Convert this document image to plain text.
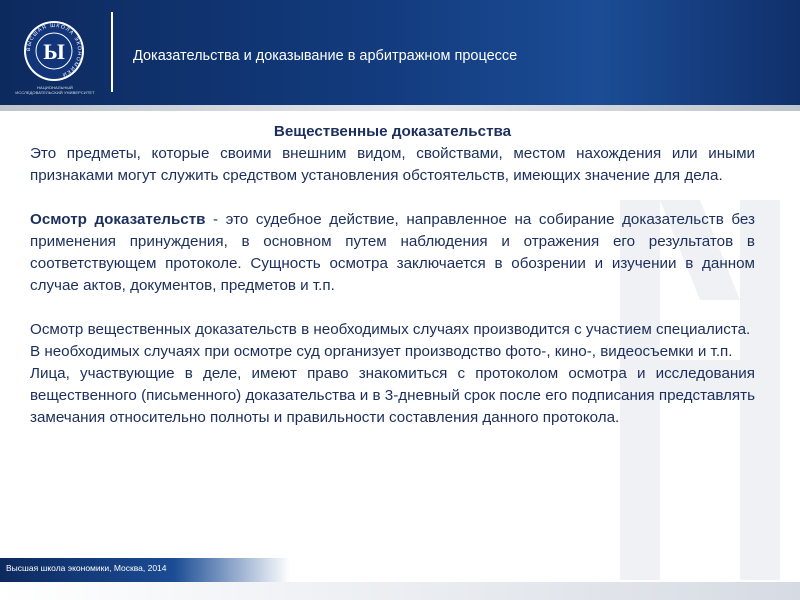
ВЫСШАЯ ШКОЛА ЭКОНОМИКИ
Ы
НАЦИОНАЛЬНЫЙ ИССЛЕДОВАТЕЛЬСКИЙ УНИВЕРСИТЕТ
Доказательства и доказывание в арбитражном процессе

Вещественные доказательства

Это предметы, которые своими внешним видом, свойствами, местом нахождения или иными признаками могут служить средством установления обстоятельств, имеющих значение для дела.

Осмотр доказательств - это судебное действие, направленное на собирание доказательств без применения принуждения, в основном путем наблюдения и отражения его результатов в соответствующем протоколе. Сущность осмотра заключается в обозрении и изучении в данном случае актов, документов, предметов и т.п.

Осмотр вещественных доказательств в необходимых случаях производится с участием специалиста.

В необходимых случаях при осмотре суд организует производство фото-, кино-, видеосъемки и т.п.

Лица, участвующие в деле, имеют право знакомиться с протоколом осмотра и исследования вещественного (письменного) доказательства и в 3-дневный срок после его подписания представлять замечания относительно полноты и правильности составления данного протокола.

Высшая школа экономики, Москва, 2014
